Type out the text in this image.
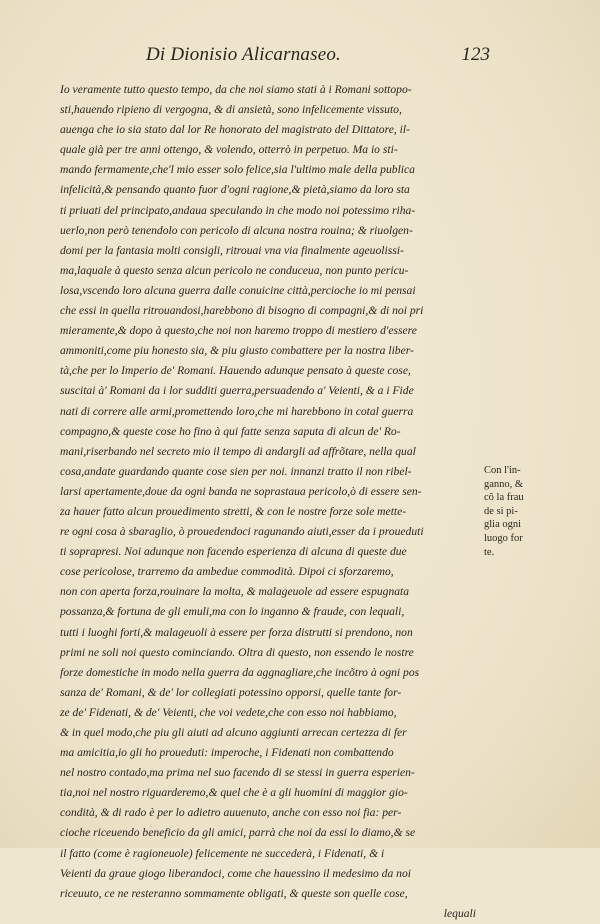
Di Dionisio Alicarnaseo.	123
Io veramente tutto questo tempo, da che noi siamo stati à i Romani sottopo-
sti,hauendo ripieno di vergogna, & di ansietà, sono infelicemente vissuto,
auenga che io sia stato dal lor Re honorato del magistrato del Dittatore, il-
quale già per tre anni ottengo, & volendo, otterrò in perpetuo. Ma io sti-
mando fermamente,che'l mio esser solo felice,sia l'ultimo male della publica
infelicità,& pensando quanto fuor d'ogni ragione,& pietà,siamo da loro sta
ti priuati del principato,andaua speculando in che modo noi potessimo riha-
uerlo,non però tenendolo con pericolo di alcuna nostra rouina; & riuolgen-
domi per la fantasia molti consigli, ritrouai vna via finalmente ageuolissi-
ma,laquale à questo senza alcun pericolo ne conduceua, non punto pericu-
losa,vscendo loro alcuna guerra dalle conuicine città,percioche io mi pensai
che essi in quella ritrouandosi,harebbono di bisogno di compagni,& di noi pri
mieramente,& dopo à questo,che noi non haremo troppo di mestiero d'essere
ammoniti,come piu honesto sia, & piu giusto combattere per la nostra liber-
tà,che per lo Imperio de' Romani. Hauendo adunque pensato à queste cose,
suscitai à' Romani da i lor sudditi guerra,persuadendo a' Veienti, & a i Fide
nati di correre alle armi,promettendo loro,che mi harebbono in cotal guerra
compagno,& queste cose ho fino à qui fatte senza saputa di alcun de' Ro-
mani,riserbando nel secreto mio il tempo di andargli ad affrõtare, nella qual
cosa,andate guardando quante cose sien per noi. innanzi tratto il non ribel-
larsi apertamente,doue da ogni banda ne soprastaua pericolo,ò di essere sen-
za hauer fatto alcun prouedimento stretti, & con le nostre forze sole mette-
re ogni cosa à sbaraglio, ò prouedendoci ragunando aiuti,esser da i proueduti
ti soprapresi. Noi adunque non facendo esperienza di alcuna di queste due
cose pericolose, trarremo da ambedue commodità. Dipoi ci sforzaremo,
non con aperta forza,rouinare la molta, & malageuole ad essere espugnata
possanza,& fortuna de gli emuli,ma con lo inganno & fraude, con lequali,
tutti i luoghi forti,& malageuoli à essere per forza distrutti si prendono, non
primi ne soli noi questo cominciando. Oltra di questo, non essendo le nostre
forze domestiche in modo nella guerra da aggnagliare,che incõtro à ogni pos
sanza de' Romani, & de' lor collegiati potessino opporsi, quelle tante for-
ze de' Fidenati, & de' Veienti, che voi vedete,che con esso noi habbiamo,
& in quel modo,che piu gli aiuti ad alcuno aggiunti arrecan certezza di fer
ma amicitia,io gli ho proueduti: imperoche, i Fidenati non combattendo
nel nostro contado,ma prima nel suo facendo di se stessi in guerra esperien-
tia,noi nel nostro riguarderemo,& quel che è a gli huomini di maggior gio-
condità, & di rado è per lo adietro auuenuto, anche con esso noi fia: per-
cioche riceuendo beneficio da gli amici, parrà che noi da essi lo diamo,& se
il fatto (come è ragioneuole) felicemente ne succederà, i Fidenati, & i
Veienti da graue giogo liberandoci, come che hauessino il medesimo da noi
riceuuto, ce ne resteranno sommamente obligati, & queste son quelle cose,
lequali
Con l'in-
ganno, &
cõ la frau
de si pi-
glia ogni
luogo for
te.
